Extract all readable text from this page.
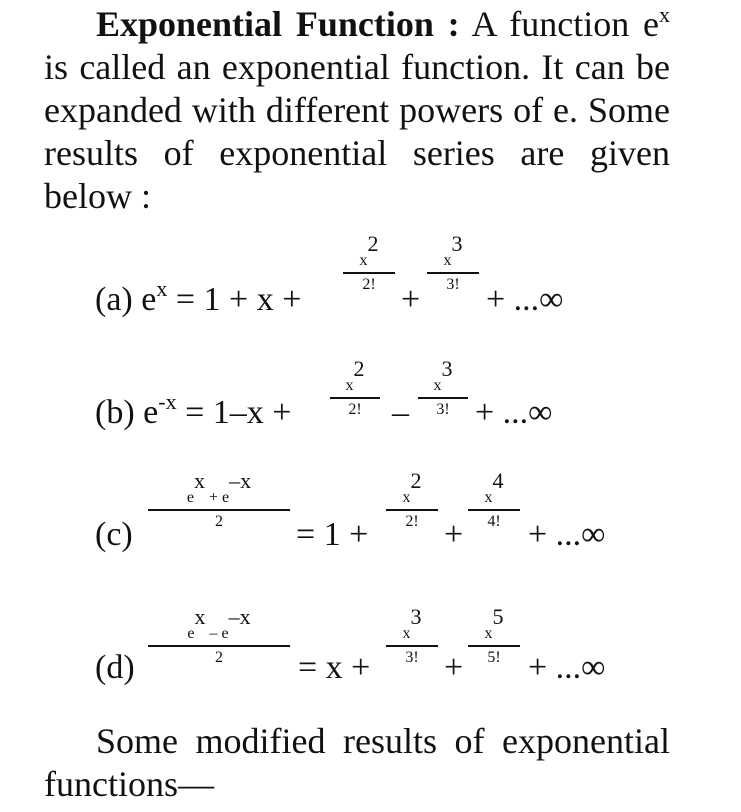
Exponential Function : A function $e^x$ is called an exponential function. It can be expanded with different powers of e. Some results of exponential series are given below :
(a) $e^x = 1 + x$ +
x2
2! +
x3
3! + ...∞
(b) $e^{-x} = 1-x$ +
x2
2! –
x3
3! + ...∞
(c)
ex + e–x
2	= 1 +
x2
2! +
x4
4! + ...∞
(d)
ex – e–x
2	= x +
x3
3! +
x5
5! + ...∞
Some modified results of exponential functions—
